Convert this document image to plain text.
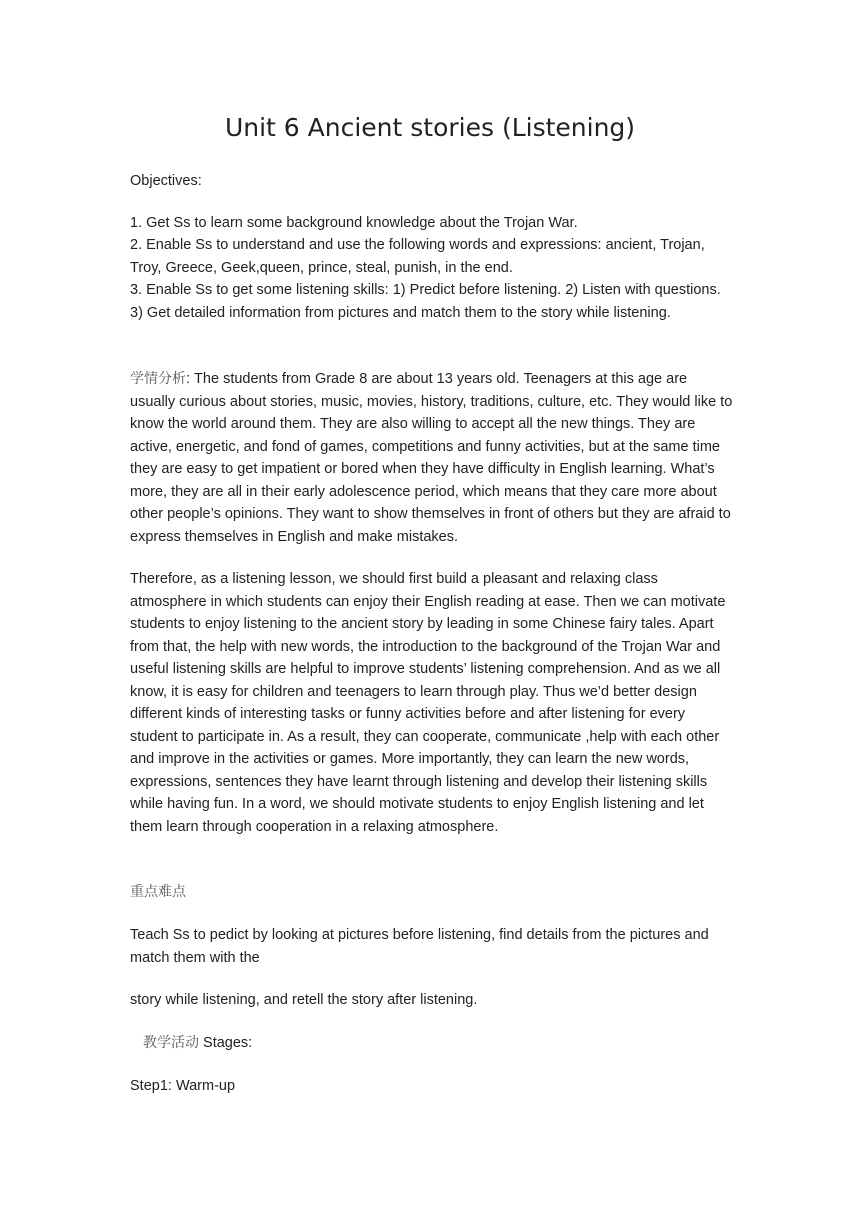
Unit 6 Ancient stories (Listening)

Objectives:

1. Get Ss to learn some background knowledge about the Trojan War.

2. Enable Ss to understand and use the following words and expressions: ancient, Trojan, Troy, Greece, Geek,queen, prince, steal, punish, in the end.

3. Enable Ss to get some listening skills: 1) Predict before listening. 2) Listen with questions. 3) Get detailed information from pictures and match them to the story while listening.

学情分析: The students from Grade 8 are about 13 years old. Teenagers at this age are usually curious about stories, music, movies, history, traditions, culture, etc. They would like to know the world around them. They are also willing to accept all the new things. They are active, energetic, and fond of games, competitions and funny activities, but at the same time they are easy to get impatient or bored when they have difficulty in English learning. What’s more, they are all in their early adolescence period, which means that they care more about other people’s opinions. They want to show themselves in front of others but they are afraid to express themselves in English and make mistakes.

Therefore, as a listening lesson, we should first build a pleasant and relaxing class atmosphere in which students can enjoy their English reading at ease. Then we can motivate students to enjoy listening to the ancient story by leading in some Chinese fairy tales. Apart from that, the help with new words, the introduction to the background of the Trojan War and useful listening skills are helpful to improve students’ listening comprehension. And as we all know, it is easy for children and teenagers to learn through play. Thus we’d better design different kinds of interesting tasks or funny activities before and after listening for every student to participate in. As a result, they can cooperate, communicate ,help with each other and improve in the activities or games. More importantly, they can learn the new words, expressions, sentences they have learnt through listening and develop their listening skills while having fun. In a word, we should motivate students to enjoy English listening and let them learn through cooperation in a relaxing atmosphere.

重点难点

Teach Ss to pedict by looking at pictures before listening, find details from the pictures and match them with the

story while listening, and retell the story after listening.

教学活动 Stages:

Step1: Warm-up
